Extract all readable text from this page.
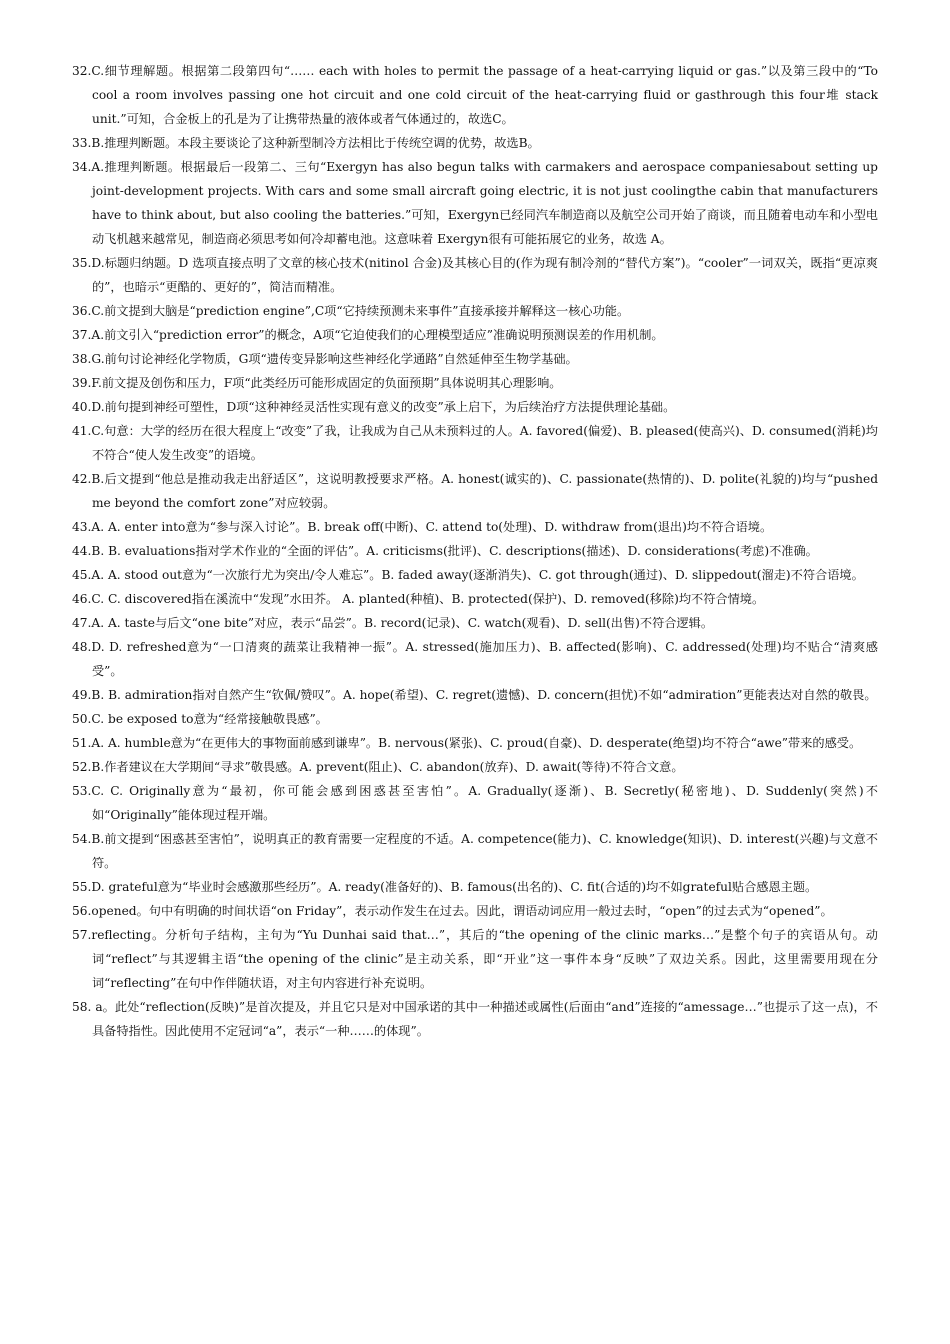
32.C.细节理解题。根据第二段第四句“…… each with holes to permit the passage of a heat-carrying liquid or gas.”以及第三段中的“To cool a room involves passing one hot circuit and one cold circuit of the heat-carrying fluid or gasthrough this four堆 stack unit.”可知，合金板上的孔是为了让携带热量的液体或者气体通过的，故选C。
33.B.推理判断题。本段主要谈论了这种新型制冷方法相比于传统空调的优势，故选B。
34.A.推理判断题。根据最后一段第二、三句“Exergyn has also begun talks with carmakers and aerospace companiesabout setting up joint-development projects. With cars and some small aircraft going electric, it is not just coolingthe cabin that manufacturers have to think about, but also cooling the batteries.”可知，Exergyn已经同汽车制造商以及航空公司开始了商谈，而且随着电动车和小型电动飞机越来越常见，制造商必须思考如何冷却蓄电池。这意味着 Exergyn很有可能拓展它的业务，故选 A。
35.D.标题归纳题。D 选项直接点明了文章的核心技术(nitinol 合金)及其核心目的(作为现有制冷剂的“替代方案”)。“cooler”一词双关，既指“更凉爽的”，也暗示“更酷的、更好的”，简洁而精准。
36.C.前文提到大脑是“prediction engine”,C项“它持续预测未来事件”直接承接并解释这一核心功能。
37.A.前文引入“prediction error”的概念，A项“它迫使我们的心理模型适应”准确说明预测误差的作用机制。
38.G.前句讨论神经化学物质，G项“遗传变异影响这些神经化学通路”自然延伸至生物学基础。
39.F.前文提及创伤和压力，F项“此类经历可能形成固定的负面预期”具体说明其心理影响。
40.D.前句提到神经可塑性，D项“这种神经灵活性实现有意义的改变”承上启下，为后续治疗方法提供理论基础。
41.C.句意：大学的经历在很大程度上“改变”了我，让我成为自己从未预料过的人。A. favored(偏爱)、B. pleased(使高兴)、D. consumed(消耗)均不符合“使人发生改变”的语境。
42.B.后文提到“他总是推动我走出舒适区”，这说明教授要求严格。A. honest(诚实的)、C. passionate(热情的)、D. polite(礼貌的)均与“pushed me beyond the comfort zone”对应较弱。
43.A. A. enter into意为“参与深入讨论”。B. break off(中断)、C. attend to(处理)、D. withdraw from(退出)均不符合语境。
44.B. B. evaluations指对学术作业的“全面的评估”。A. criticisms(批评)、C. descriptions(描述)、D. considerations(考虑)不准确。
45.A. A. stood out意为“一次旅行尤为突出/令人难忘”。B. faded away(逐渐消失)、C. got through(通过)、D. slippedout(溜走)不符合语境。
46.C. C. discovered指在溪流中“发现”水田芥。 A. planted(种植)、B. protected(保护)、D. removed(移除)均不符合情境。
47.A. A. taste与后文“one bite”对应，表示“品尝”。B. record(记录)、C. watch(观看)、D. sell(出售)不符合逻辑。
48.D. D. refreshed意为“一口清爽的蔬菜让我精神一振”。A. stressed(施加压力)、B. affected(影响)、C. addressed(处理)均不贴合“清爽感受”。
49.B. B. admiration指对自然产生“钦佩/赞叹”。A. hope(希望)、C. regret(遗憾)、D. concern(担忧)不如“admiration”更能表达对自然的敬畏。
50.C. be exposed to意为“经常接触敬畏感”。
51.A. A. humble意为“在更伟大的事物面前感到谦卑”。B. nervous(紧张)、C. proud(自豪)、D. desperate(绝望)均不符合“awe”带来的感受。
52.B.作者建议在大学期间“寻求”敬畏感。A. prevent(阻止)、C. abandon(放弃)、D. await(等待)不符合文意。
53.C. C. Originally意为“最初，你可能会感到困惑甚至害怕”。A. Gradually(逐渐)、B. Secretly(秘密地)、D. Suddenly(突然)不如“Originally”能体现过程开端。
54.B.前文提到“困惑甚至害怕”，说明真正的教育需要一定程度的不适。A. competence(能力)、C. knowledge(知识)、D. interest(兴趣)与文意不符。
55.D. grateful意为“毕业时会感激那些经历”。A. ready(准备好的)、B. famous(出名的)、C. fit(合适的)均不如grateful贴合感恩主题。
56.opened。句中有明确的时间状语“on Friday”，表示动作发生在过去。因此，谓语动词应用一般过去时，“open”的过去式为“opened”。
57.reflecting。分析句子结构，主句为“Yu Dunhai said that…”，其后的“the opening of the clinic marks…”是整个句子的宾语从句。动词“reflect”与其逻辑主语“the opening of the clinic”是主动关系，即“开业”这一事件本身“反映”了双边关系。因此，这里需要用现在分词“reflecting”在句中作伴随状语，对主句内容进行补充说明。
58. a。此处“reflection(反映)”是首次提及，并且它只是对中国承诺的其中一种描述或属性(后面由“and”连接的“amessage…”也提示了这一点)，不具备特指性。因此使用不定冠词“a”，表示“一种……的体现”。
